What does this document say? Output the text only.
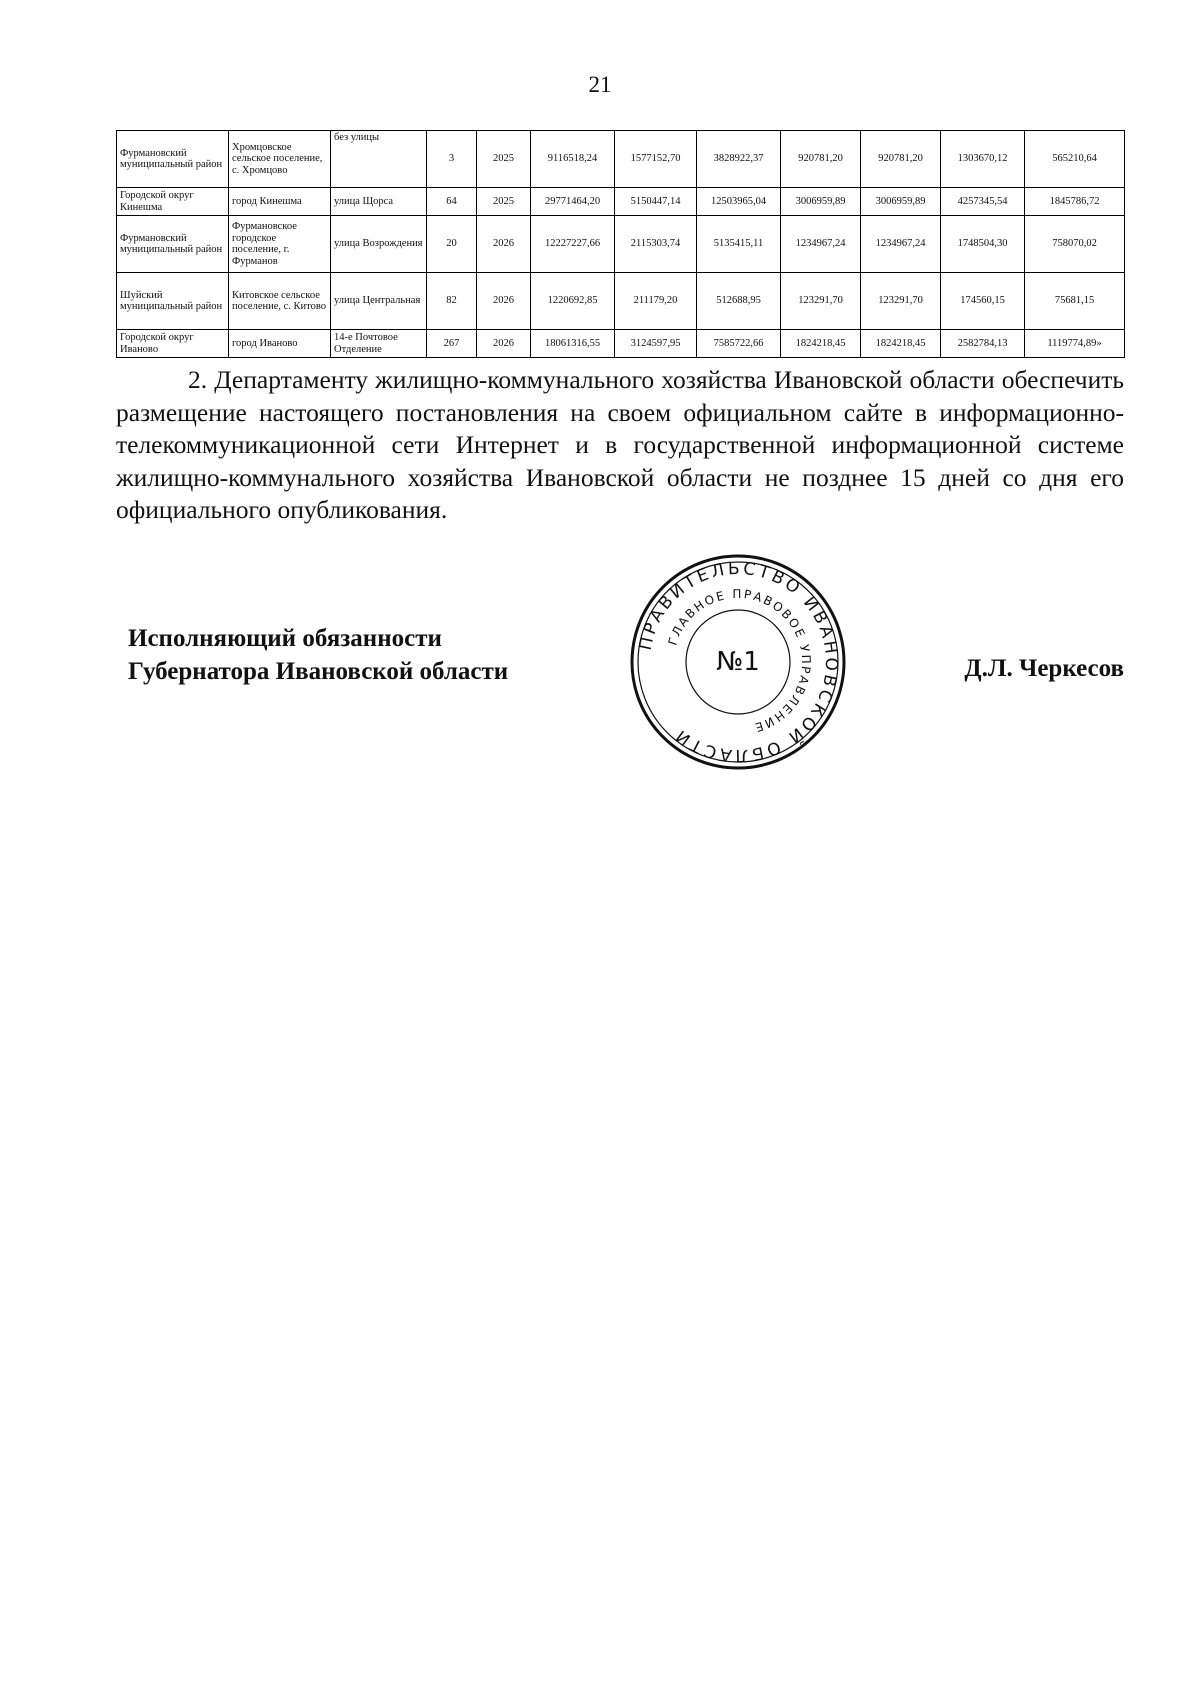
21
Фурмановский муниципальный район	Хромцовское сельское поселение, с. Хромцово	без улицы	3	2025	9116518,24	1577152,70	3828922,37	920781,20	920781,20	1303670,12	565210,64
Городской округ Кинешма	город Кинешма	улица Щорса	64	2025	29771464,20	5150447,14	12503965,04	3006959,89	3006959,89	4257345,54	1845786,72
Фурмановский муниципальный район	Фурмановское городское поселение, г. Фурманов	улица Возрождения	20	2026	12227227,66	2115303,74	5135415,11	1234967,24	1234967,24	1748504,30	758070,02
Шуйский муниципальный район	Китовское сельское поселение, с. Китово	улица Центральная	82	2026	1220692,85	211179,20	512688,95	123291,70	123291,70	174560,15	75681,15
Городской округ Иваново	город Иваново	14-е Почтовое Отделение	267	2026	18061316,55	3124597,95	7585722,66	1824218,45	1824218,45	2582784,13	1119774,89»

2. Департаменту жилищно-коммунального хозяйства Ивановской области обеспечить размещение настоящего постановления на своем официальном сайте в информационно-телекоммуникационной сети Интернет и в государственной информационной системе жилищно-коммунального хозяйства Ивановской области не позднее 15 дней со дня его официального опубликования.

Исполняющий обязанности
Губернатора Ивановской области	Д.Л. Черкесов
ПРАВИТЕЛЬСТВО ИВАНОВСКОЙ ОБЛАСТИ
ГЛАВНОЕ ПРАВОВОЕ УПРАВЛЕНИЕ
№1
